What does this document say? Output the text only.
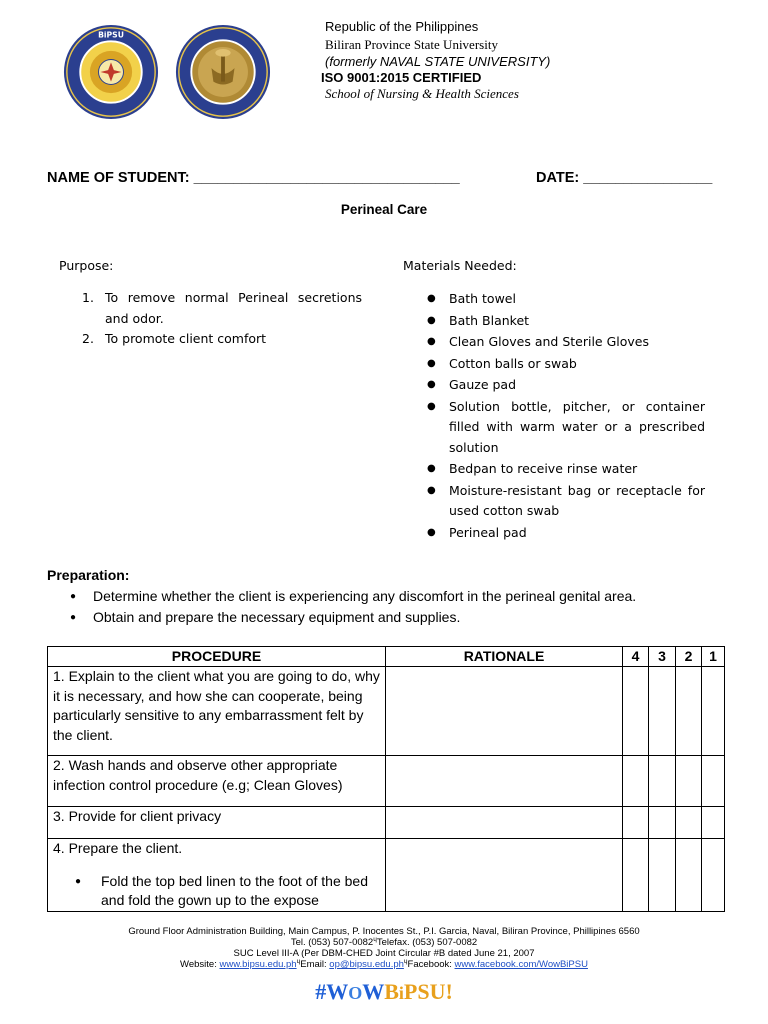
BiPSU
Republic of the Philippines
Biliran Province State University
(formerly NAVAL STATE UNIVERSITY)
ISO 9001:2015 CERTIFIED
School of Nursing & Health Sciences
NAME OF STUDENT: _________________________________	DATE: ________________
Perineal Care
Purpose:
1. To remove normal Perineal secretions and odor.
2. To promote client comfort
Materials Needed:
●	Bath towel
●	Bath Blanket
●	Clean Gloves and Sterile Gloves
●	Cotton balls or swab
●	Gauze pad
●	Solution bottle, pitcher, or container filled with warm water or a prescribed solution
●	Bedpan to receive rinse water
●	Moisture-resistant bag or receptacle for used cotton swab
●	Perineal pad
Preparation:
●	Determine whether the client is experiencing any discomfort in the perineal genital area.
●	Obtain and prepare the necessary equipment and supplies.
PROCEDURE	RATIONALE	4	3	2	1
1. Explain to the client what you are going to do, why it is necessary, and how she can cooperate, being particularly sensitive to any embarrassment felt by the client.					
2. Wash hands and observe other appropriate infection control procedure (e.g; Clean Gloves)					
3. Provide for client privacy					

4. Prepare the client.
● Fold the top bed linen to the foot of the bed and fold the gown up to the expose					

Ground Floor Administration Building, Main Campus, P. Inocentes St., P.I. Garcia, Naval, Biliran Province, Phillipines 6560
Tel. (053) 507-0082ᶣTelefax. (053) 507-0082
SUC Level III-A (Per DBM-CHED Joint Circular #B dated June 21, 2007
Website: www.bipsu.edu.phᶣEmail: op@bipsu.edu.phᶣFacebook: www.facebook.com/WowBiPSU
#WOWBiPSU!
